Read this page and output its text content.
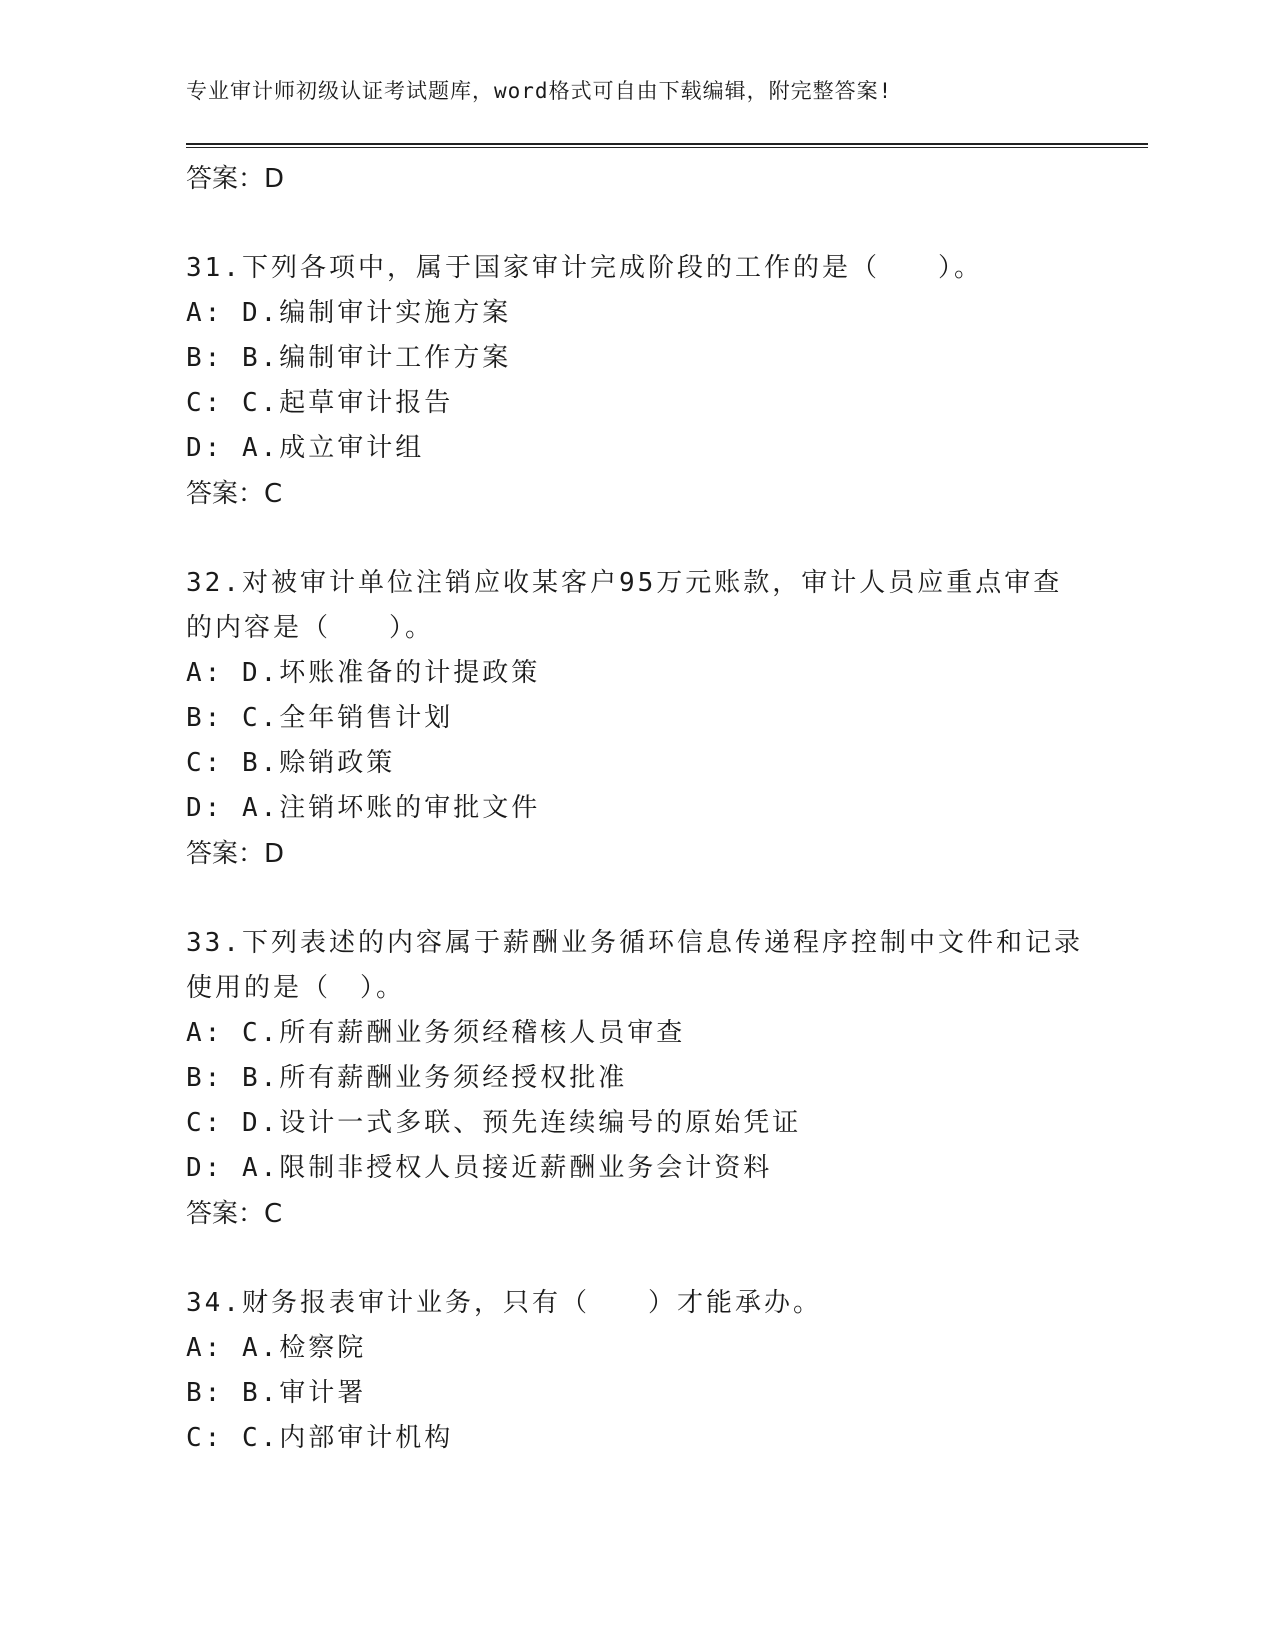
专业审计师初级认证考试题库，word格式可自由下载编辑，附完整答案!
答案：D
31.下列各项中，属于国家审计完成阶段的工作的是（　　）。
A: D.编制审计实施方案
B: B.编制审计工作方案
C: C.起草审计报告
D: A.成立审计组
答案：C
32.对被审计单位注销应收某客户95万元账款，审计人员应重点审查的内容是（　　）。
A: D.坏账准备的计提政策
B: C.全年销售计划
C: B.赊销政策
D: A.注销坏账的审批文件
答案：D
33.下列表述的内容属于薪酬业务循环信息传递程序控制中文件和记录使用的是（　）。
A: C.所有薪酬业务须经稽核人员审查
B: B.所有薪酬业务须经授权批准
C: D.设计一式多联、预先连续编号的原始凭证
D: A.限制非授权人员接近薪酬业务会计资料
答案：C
34.财务报表审计业务，只有（　　）才能承办。
A: A.检察院
B: B.审计署
C: C.内部审计机构
